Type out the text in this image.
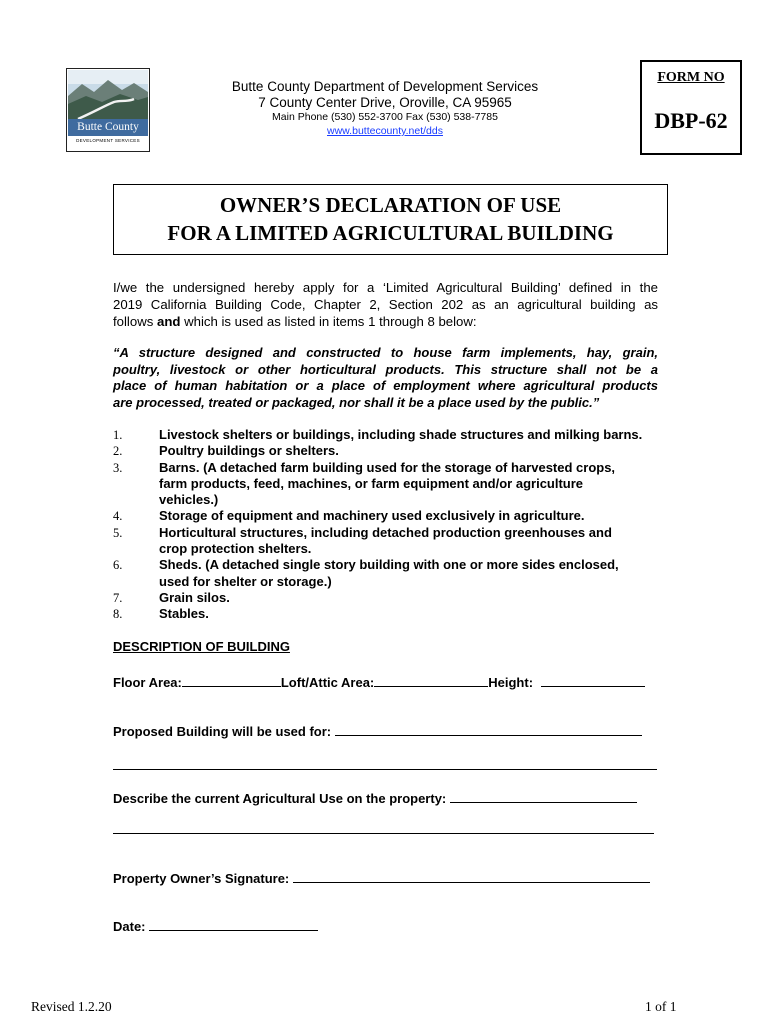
Butte County
DEVELOPMENT SERVICES
Butte County Department of Development Services
7 County Center Drive, Oroville, CA 95965
Main Phone (530) 552-3700 Fax (530) 538-7785
www.buttecounty.net/dds
FORM NO
DBP-62
OWNER’S DECLARATION OF USE
FOR A LIMITED AGRICULTURAL BUILDING
I/we the undersigned hereby apply for a ‘Limited Agricultural Building’ defined in the
2019 California Building Code, Chapter 2, Section 202 as an agricultural building as
follows and which is used as listed in items 1 through 8 below:
“A structure designed and constructed to house farm implements, hay, grain,
poultry, livestock or other horticultural products. This structure shall not be a
place of human habitation or a place of employment where agricultural products
are processed, treated or packaged, nor shall it be a place used by the public.”
1.	Livestock shelters or buildings, including shade structures and milking barns.
2.	Poultry buildings or shelters.
3.	Barns. (A detached farm building used for the storage of harvested crops,
farm products, feed, machines, or farm equipment and/or agriculture
vehicles.)
4.	Storage of equipment and machinery used exclusively in agriculture.
5.	Horticultural structures, including detached production greenhouses and
crop protection shelters.
6.	Sheds. (A detached single story building with one or more sides enclosed,
used for shelter or storage.)
7.	Grain silos.
8.	Stables.
DESCRIPTION OF BUILDING
Floor Area:	Loft/Attic Area:	Height:
Proposed Building will be used for:
Describe the current Agricultural Use on the property:
Property Owner’s Signature:
Date:
Revised 1.2.20	1 of 1
